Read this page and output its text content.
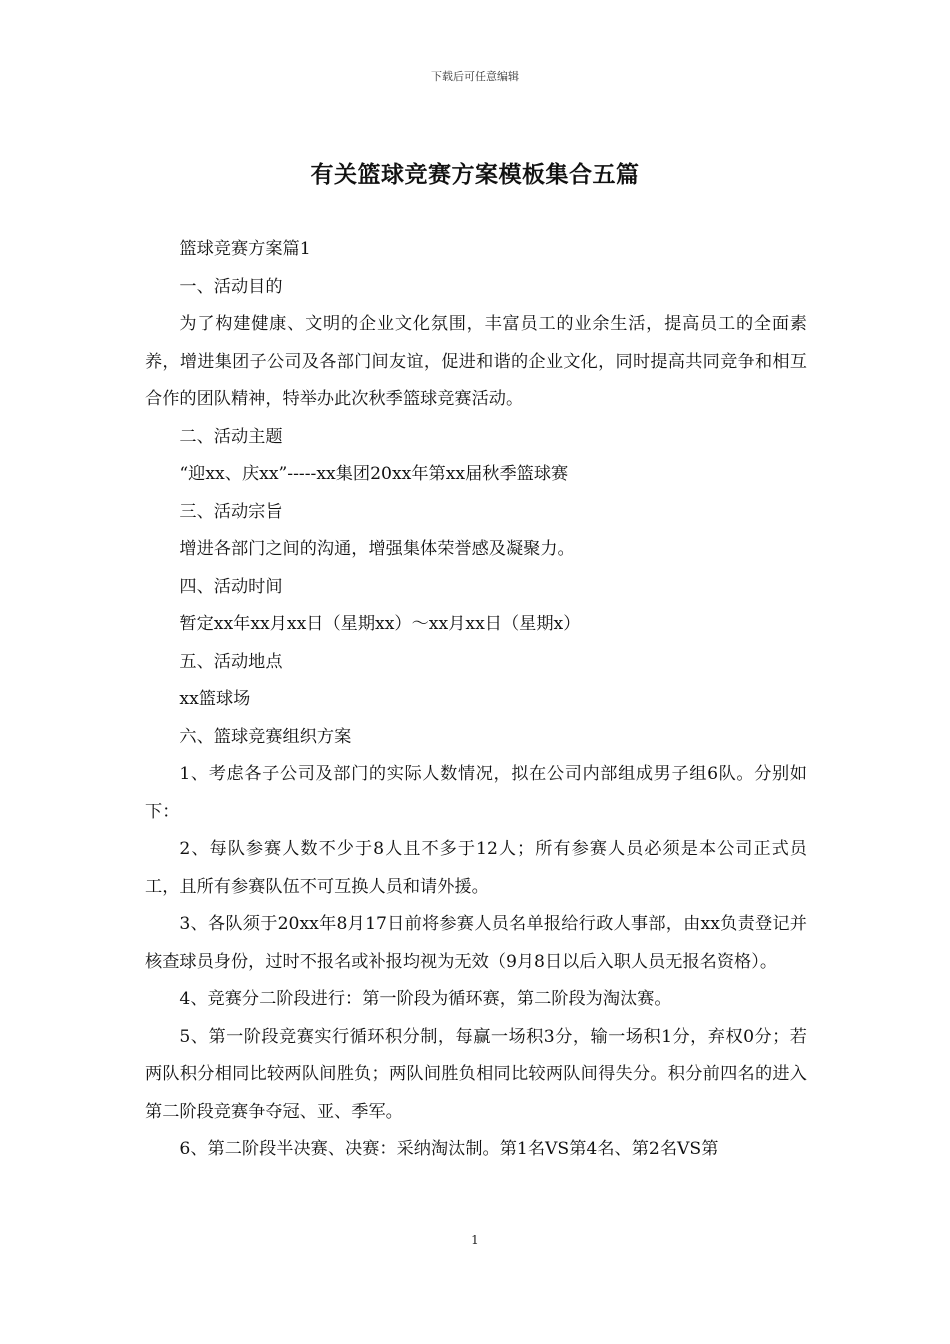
下载后可任意编辑
有关篮球竞赛方案模板集合五篇

篮球竞赛方案篇1

一、活动目的

为了构建健康、文明的企业文化氛围，丰富员工的业余生活，提高员工的全面素养，增进集团子公司及各部门间友谊，促进和谐的企业文化，同时提高共同竞争和相互合作的团队精神，特举办此次秋季篮球竞赛活动。

二、活动主题

“迎xx、庆xx”-----xx集团20xx年第xx届秋季篮球赛

三、活动宗旨

增进各部门之间的沟通，增强集体荣誉感及凝聚力。

四、活动时间

暂定xx年xx月xx日（星期xx）～xx月xx日（星期x）

五、活动地点

xx篮球场

六、篮球竞赛组织方案

1、考虑各子公司及部门的实际人数情况，拟在公司内部组成男子组6队。分别如下：

2、每队参赛人数不少于8人且不多于12人；所有参赛人员必须是本公司正式员工，且所有参赛队伍不可互换人员和请外援。

3、各队须于20xx年8月17日前将参赛人员名单报给行政人事部，由xx负责登记并核查球员身份，过时不报名或补报均视为无效（9月8日以后入职人员无报名资格）。

4、竞赛分二阶段进行：第一阶段为循环赛，第二阶段为淘汰赛。

5、第一阶段竞赛实行循环积分制，每赢一场积3分，输一场积1分，弃权0分；若两队积分相同比较两队间胜负；两队间胜负相同比较两队间得失分。积分前四名的进入第二阶段竞赛争夺冠、亚、季军。

6、第二阶段半决赛、决赛：采纳淘汰制。第1名VS第4名、第2名VS第

1
